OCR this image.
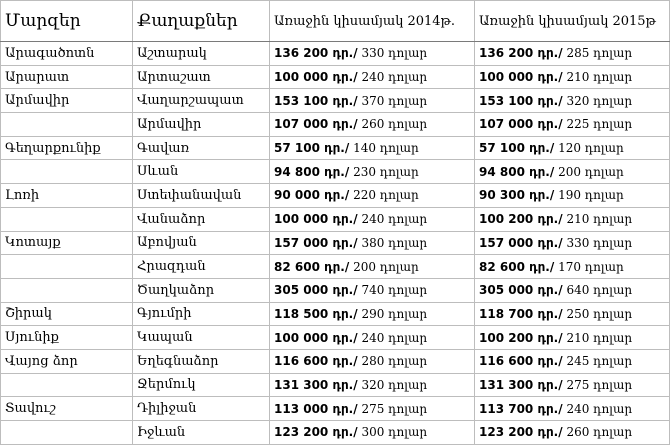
Մարզեր	Քաղաքներ	Առաջին կիսամյակ 2014թ.	Առաջին կիսամյակ 2015թ
Արագածոտն	Աշտարակ	136 200 դր./ 330 դոլար	136 200 դր./ 285 դոլար
Արարատ	Արտաշատ	100 000 դր./ 240 դոլար	100 000 դր./ 210 դոլար
Արմավիր	Վաղարշապատ	153 100 դր./ 370 դոլար	153 100 դր./ 320 դոլար
	Արմավիր	107 000 դր./ 260 դոլար	107 000 դր./ 225 դոլար
Գեղարքունիք	Գավառ	57 100 դր./ 140 դոլար	57 100 դր./ 120 դոլար
	Սևան	94 800 դր./ 230 դոլար	94 800 դր./ 200 դոլար
Լոռի	Ստեփանավան	90 000 դր./ 220 դոլար	90 300 դր./ 190 դոլար
	Վանաձոր	100 000 դր./ 240 դոլար	100 200 դր./ 210 դոլար
Կոտայք	Աբովյան	157 000 դր./ 380 դոլար	157 000 դր./ 330 դոլար
	Հրազդան	82 600 դր./ 200 դոլար	82 600 դր./ 170 դոլար
	Ծաղկաձոր	305 000 դր./ 740 դոլար	305 000 դր./ 640 դոլար
Շիրակ	Գյումրի	118 500 դր./ 290 դոլար	118 700 դր./ 250 դոլար
Սյունիք	Կապան	100 000 դր./ 240 դոլար	100 200 դր./ 210 դոլար
Վայոց ձոր	Եղեգնաձոր	116 600 դր./ 280 դոլար	116 600 դր./ 245 դոլար
	Ջերմուկ	131 300 դր./ 320 դոլար	131 300 դր./ 275 դոլար
Տավուշ	Դիլիջան	113 000 դր./ 275 դոլար	113 700 դր./ 240 դոլար
	Իջևան	123 200 դր./ 300 դոլար	123 200 դր./ 260 դոլար
